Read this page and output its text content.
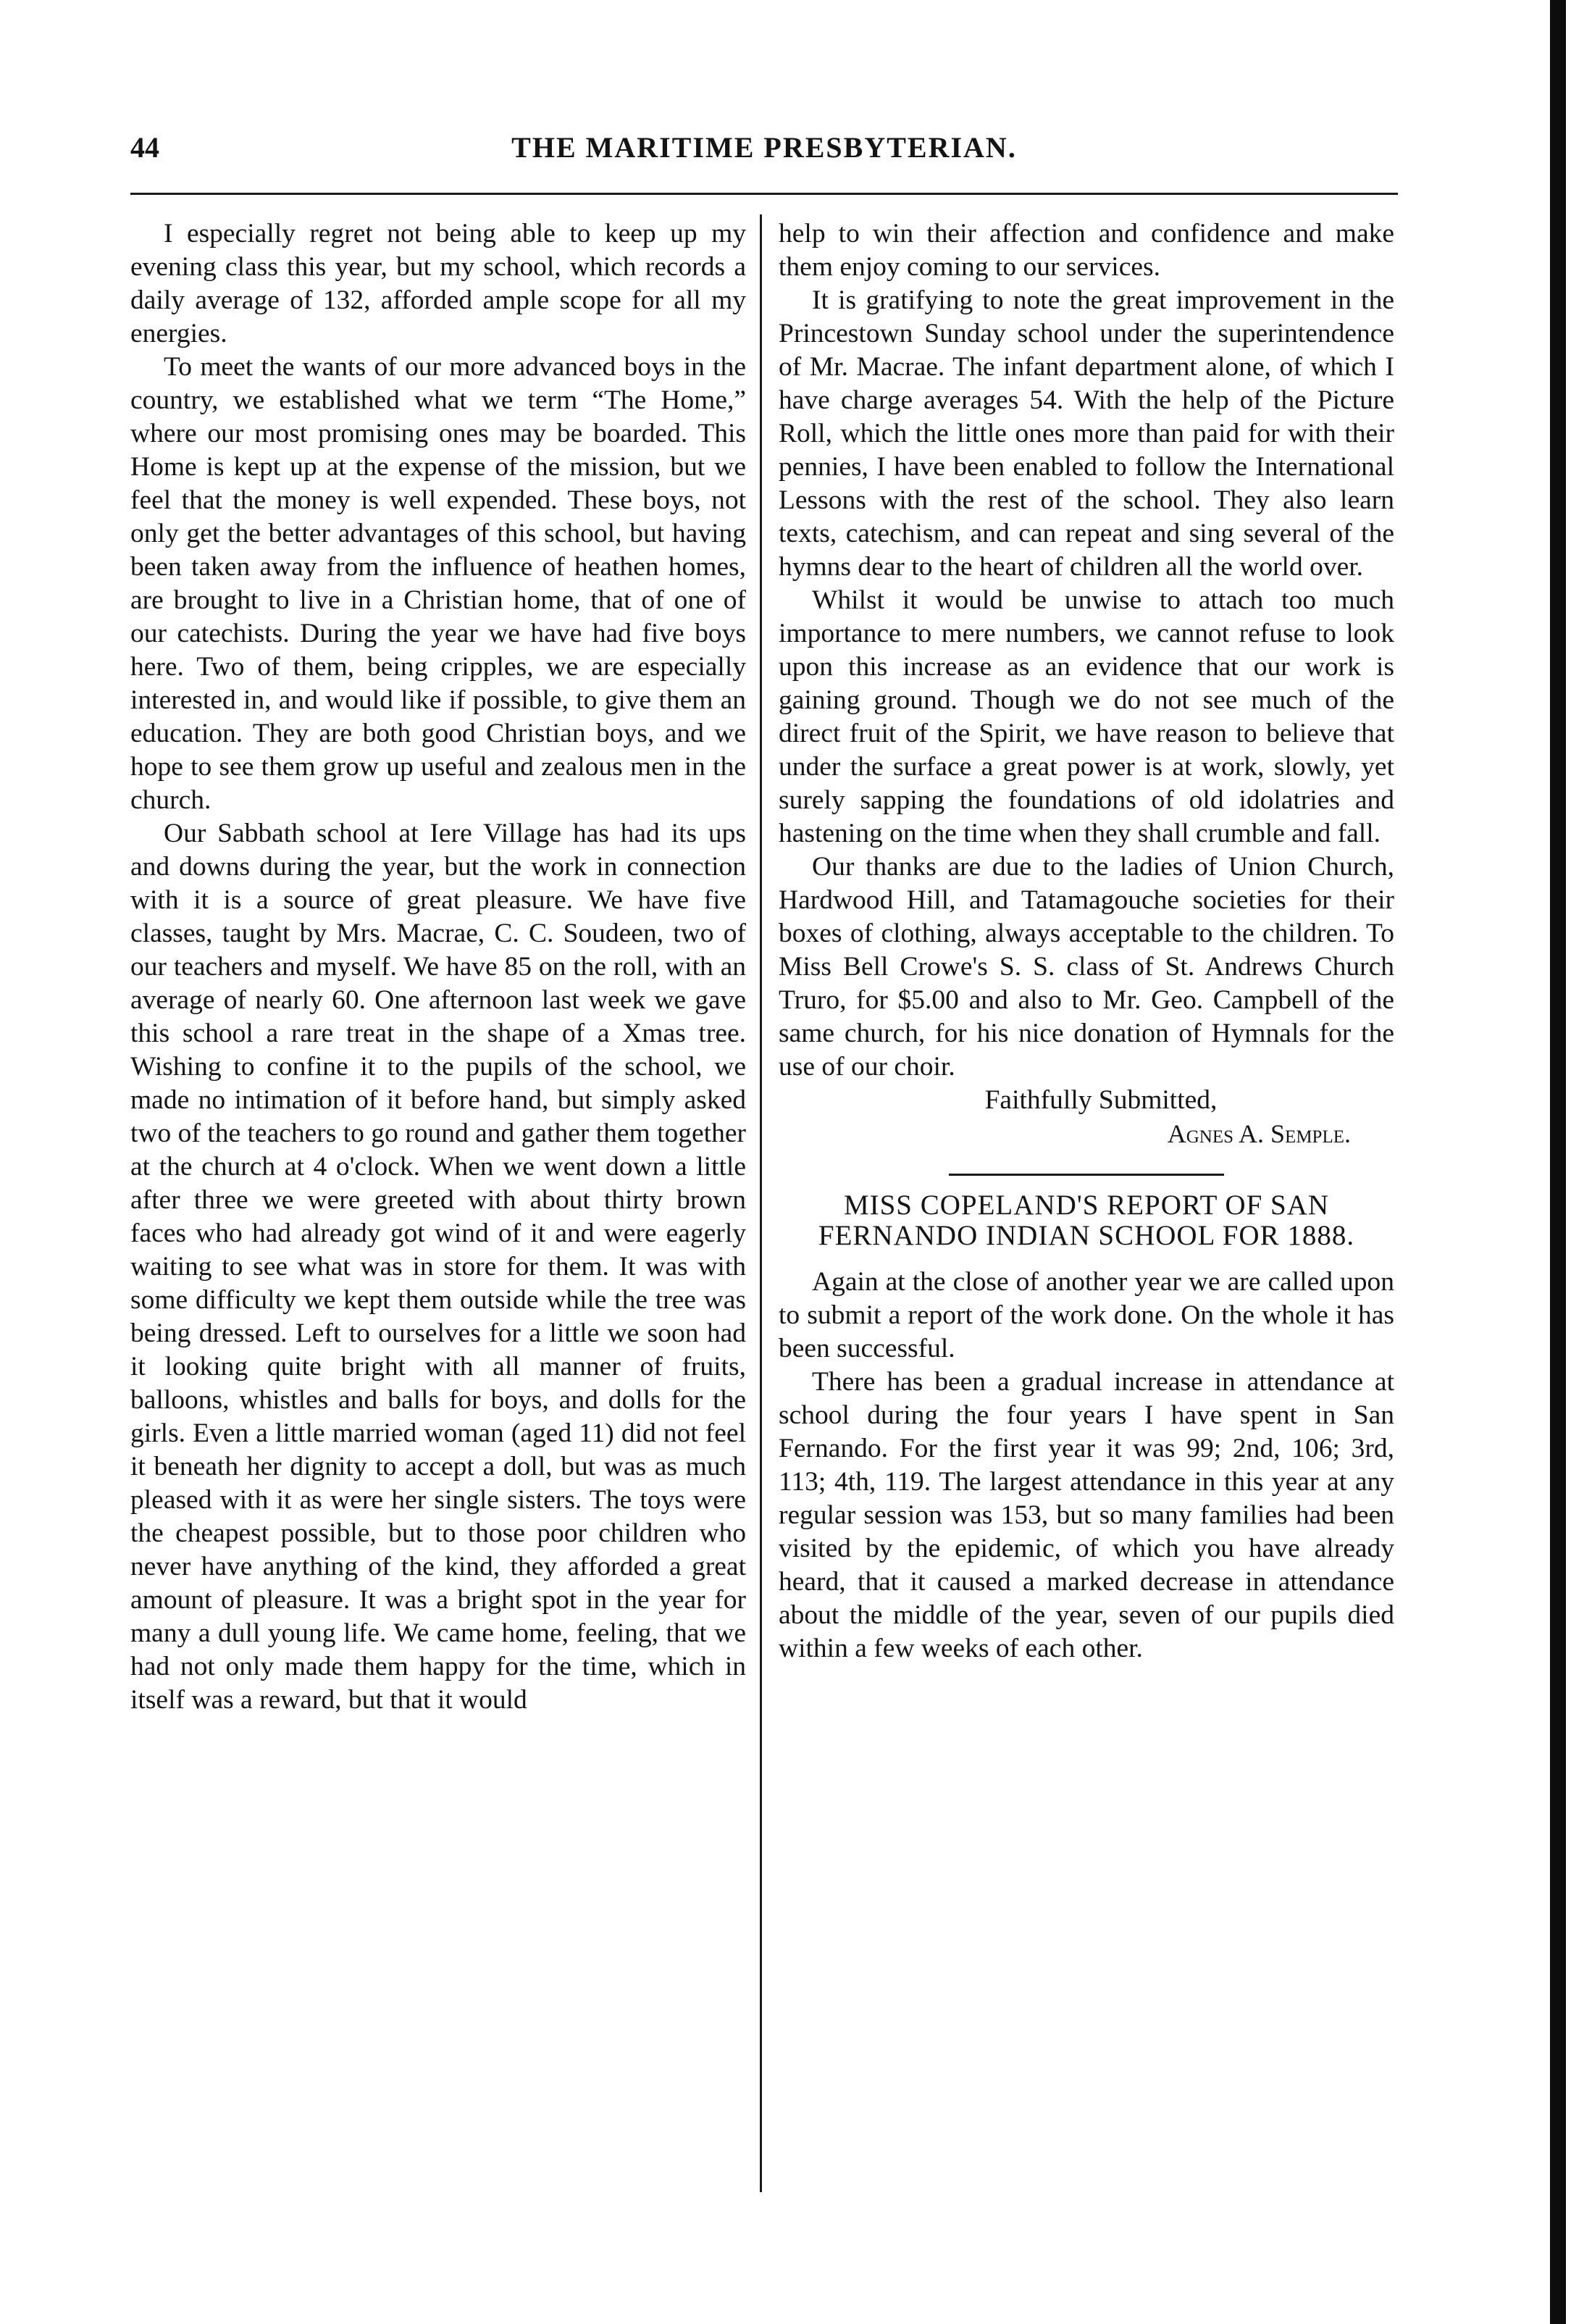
THE MARITIME PRESBYTERIAN.
44

I especially regret not being able to keep up my evening class this year, but my school, which records a daily average of 132, afforded ample scope for all my energies.

To meet the wants of our more advanced boys in the country, we established what we term “The Home,” where our most promising ones may be boarded. This Home is kept up at the expense of the mission, but we feel that the money is well expended. These boys, not only get the better advantages of this school, but having been taken away from the influence of heathen homes, are brought to live in a Christian home, that of one of our catechists. During the year we have had five boys here. Two of them, being cripples, we are especially interested in, and would like if possible, to give them an education. They are both good Christian boys, and we hope to see them grow up useful and zealous men in the church.

Our Sabbath school at Iere Village has had its ups and downs during the year, but the work in connection with it is a source of great pleasure. We have five classes, taught by Mrs. Macrae, C. C. Soudeen, two of our teachers and myself. We have 85 on the roll, with an average of nearly 60. One afternoon last week we gave this school a rare treat in the shape of a Xmas tree. Wishing to confine it to the pupils of the school, we made no intimation of it before hand, but simply asked two of the teachers to go round and gather them together at the church at 4 o'clock. When we went down a little after three we were greeted with about thirty brown faces who had already got wind of it and were eagerly waiting to see what was in store for them. It was with some difficulty we kept them outside while the tree was being dressed. Left to ourselves for a little we soon had it looking quite bright with all manner of fruits, balloons, whistles and balls for boys, and dolls for the girls. Even a little married woman (aged 11) did not feel it beneath her dignity to accept a doll, but was as much pleased with it as were her single sisters. The toys were the cheapest possible, but to those poor children who never have anything of the kind, they afforded a great amount of pleasure. It was a bright spot in the year for many a dull young life. We came home, feeling, that we had not only made them happy for the time, which in itself was a reward, but that it would

help to win their affection and confidence and make them enjoy coming to our services.

It is gratifying to note the great improvement in the Princestown Sunday school under the superintendence of Mr. Macrae. The infant department alone, of which I have charge averages 54. With the help of the Picture Roll, which the little ones more than paid for with their pennies, I have been enabled to follow the International Lessons with the rest of the school. They also learn texts, catechism, and can repeat and sing several of the hymns dear to the heart of children all the world over.

Whilst it would be unwise to attach too much importance to mere numbers, we cannot refuse to look upon this increase as an evidence that our work is gaining ground. Though we do not see much of the direct fruit of the Spirit, we have reason to believe that under the surface a great power is at work, slowly, yet surely sapping the foundations of old idolatries and hastening on the time when they shall crumble and fall.

Our thanks are due to the ladies of Union Church, Hardwood Hill, and Tatamagouche societies for their boxes of clothing, always acceptable to the children. To Miss Bell Crowe's S. S. class of St. Andrews Church Truro, for $5.00 and also to Mr. Geo. Campbell of the same church, for his nice donation of Hymnals for the use of our choir.

Faithfully Submitted,

Agnes A. Semple.

MISS COPELAND'S REPORT OF SAN FERNANDO INDIAN SCHOOL FOR 1888.

Again at the close of another year we are called upon to submit a report of the work done. On the whole it has been successful.

There has been a gradual increase in attendance at school during the four years I have spent in San Fernando. For the first year it was 99; 2nd, 106; 3rd, 113; 4th, 119. The largest attendance in this year at any regular session was 153, but so many families had been visited by the epidemic, of which you have already heard, that it caused a marked decrease in attendance about the middle of the year, seven of our pupils died within a few weeks of each other.
